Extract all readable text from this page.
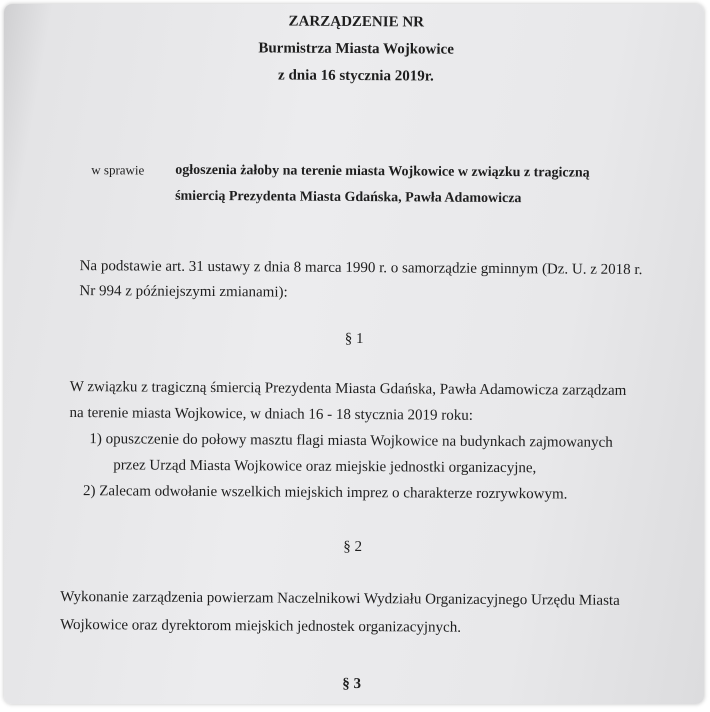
ZARZĄDZENIE NR
Burmistrza Miasta Wojkowice
z dnia 16 stycznia 2019r.
w sprawie ogłoszenia żałoby na terenie miasta Wojkowice w związku z tragiczną
śmiercią Prezydenta Miasta Gdańska, Pawła Adamowicza
Na podstawie art. 31 ustawy z dnia 8 marca 1990 r. o samorządzie gminnym (Dz. U. z 2018 r.
Nr 994 z późniejszymi zmianami):
§ 1
W związku z tragiczną śmiercią Prezydenta Miasta Gdańska, Pawła Adamowicza zarządzam
na terenie miasta Wojkowice, w dniach 16 - 18 stycznia 2019 roku:
1) opuszczenie do połowy masztu flagi miasta Wojkowice na budynkach zajmowanych
przez Urząd Miasta Wojkowice oraz miejskie jednostki organizacyjne,
2) Zalecam odwołanie wszelkich miejskich imprez o charakterze rozrywkowym.
§ 2
Wykonanie zarządzenia powierzam Naczelnikowi Wydziału Organizacyjnego Urzędu Miasta
Wojkowice oraz dyrektorom miejskich jednostek organizacyjnych.
§ 3
